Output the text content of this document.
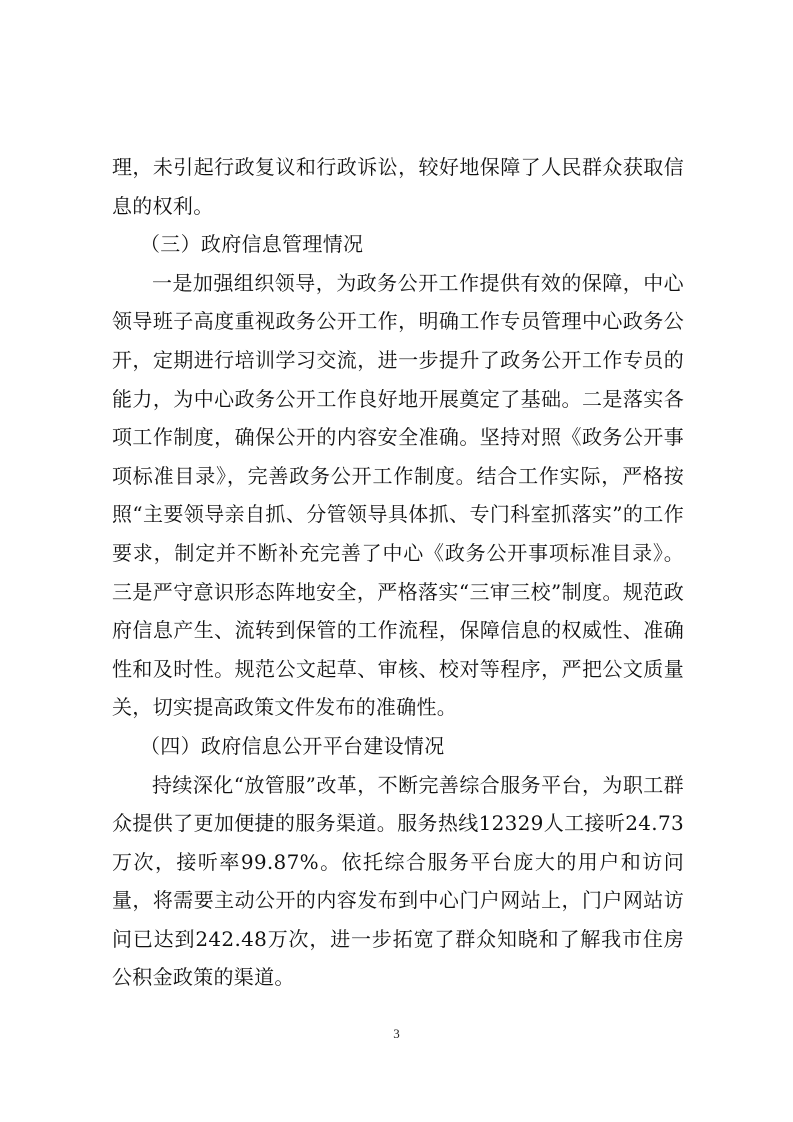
理，未引起行政复议和行政诉讼，较好地保障了人民群众获取信息的权利。

（三）政府信息管理情况

一是加强组织领导，为政务公开工作提供有效的保障，中心领导班子高度重视政务公开工作，明确工作专员管理中心政务公开，定期进行培训学习交流，进一步提升了政务公开工作专员的能力，为中心政务公开工作良好地开展奠定了基础。二是落实各项工作制度，确保公开的内容安全准确。坚持对照《政务公开事项标准目录》，完善政务公开工作制度。结合工作实际，严格按照“主要领导亲自抓、分管领导具体抓、专门科室抓落实”的工作要求，制定并不断补充完善了中心《政务公开事项标准目录》。三是严守意识形态阵地安全，严格落实“三审三校”制度。规范政府信息产生、流转到保管的工作流程，保障信息的权威性、准确性和及时性。规范公文起草、审核、校对等程序，严把公文质量关，切实提高政策文件发布的准确性。

（四）政府信息公开平台建设情况

持续深化“放管服”改革，不断完善综合服务平台，为职工群众提供了更加便捷的服务渠道。服务热线12329人工接听24.73万次，接听率99.87%。依托综合服务平台庞大的用户和访问量，将需要主动公开的内容发布到中心门户网站上，门户网站访问已达到242.48万次，进一步拓宽了群众知晓和了解我市住房公积金政策的渠道。

3
